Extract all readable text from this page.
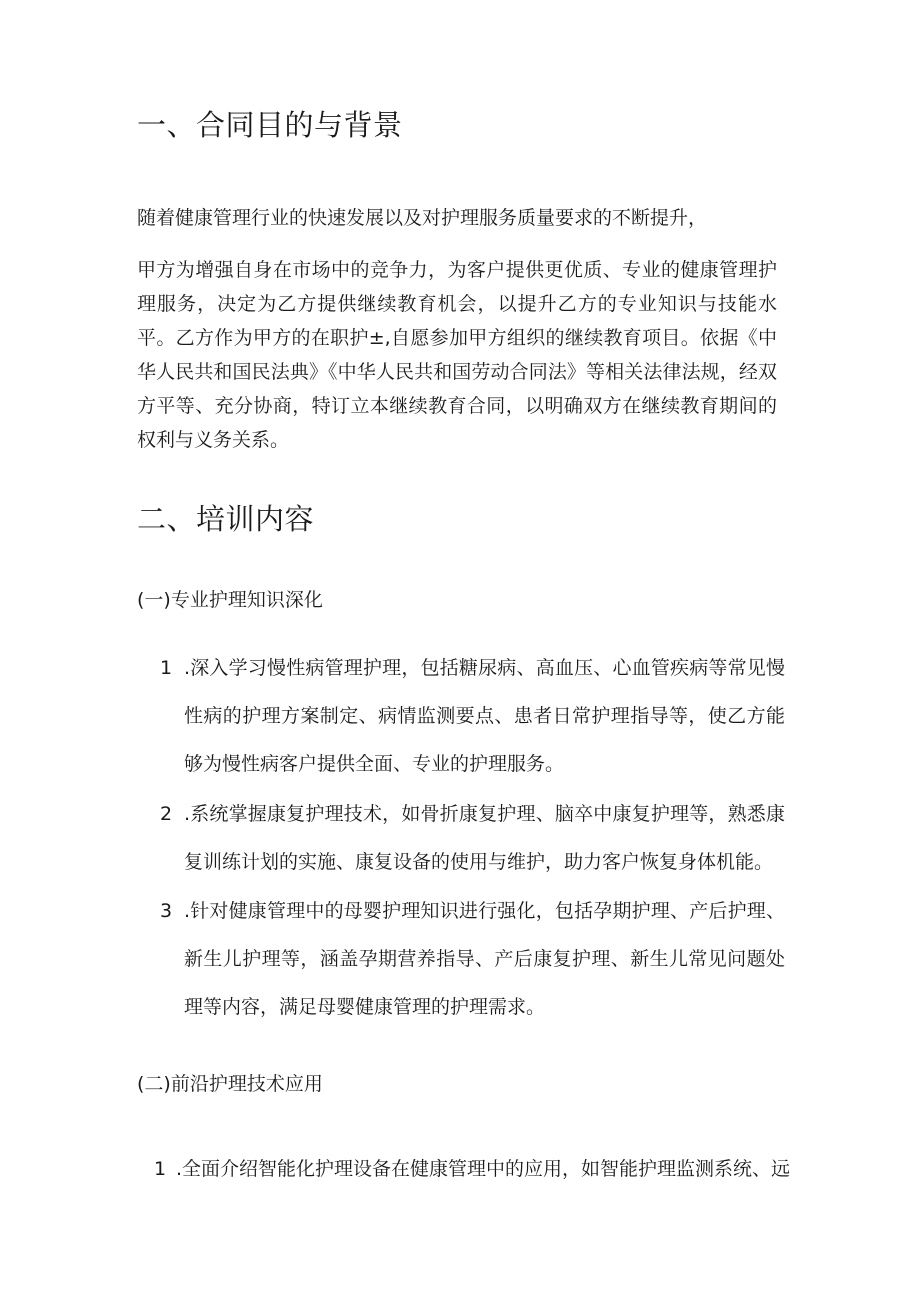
一、合同目的与背景

随着健康管理行业的快速发展以及对护理服务质量要求的不断提升，

甲方为增强自身在市场中的竞争力，为客户提供更优质、专业的健康管理护理服务，决定为乙方提供继续教育机会，以提升乙方的专业知识与技能水平。乙方作为甲方的在职护±,自愿参加甲方组织的继续教育项目。依据《中华人民共和国民法典》《中华人民共和国劳动合同法》等相关法律法规，经双方平等、充分协商，特订立本继续教育合同，以明确双方在继续教育期间的权利与义务关系。

二、培训内容

(一)专业护理知识深化

1 .深入学习慢性病管理护理，包括糖尿病、高血压、心血管疾病等常见慢性病的护理方案制定、病情监测要点、患者日常护理指导等，使乙方能够为慢性病客户提供全面、专业的护理服务。
2 .系统掌握康复护理技术，如骨折康复护理、脑卒中康复护理等，熟悉康复训练计划的实施、康复设备的使用与维护，助力客户恢复身体机能。
3 .针对健康管理中的母婴护理知识进行强化，包括孕期护理、产后护理、新生儿护理等，涵盖孕期营养指导、产后康复护理、新生儿常见问题处理等内容，满足母婴健康管理的护理需求。

(二)前沿护理技术应用

1 .全面介绍智能化护理设备在健康管理中的应用，如智能护理监测系统、远
